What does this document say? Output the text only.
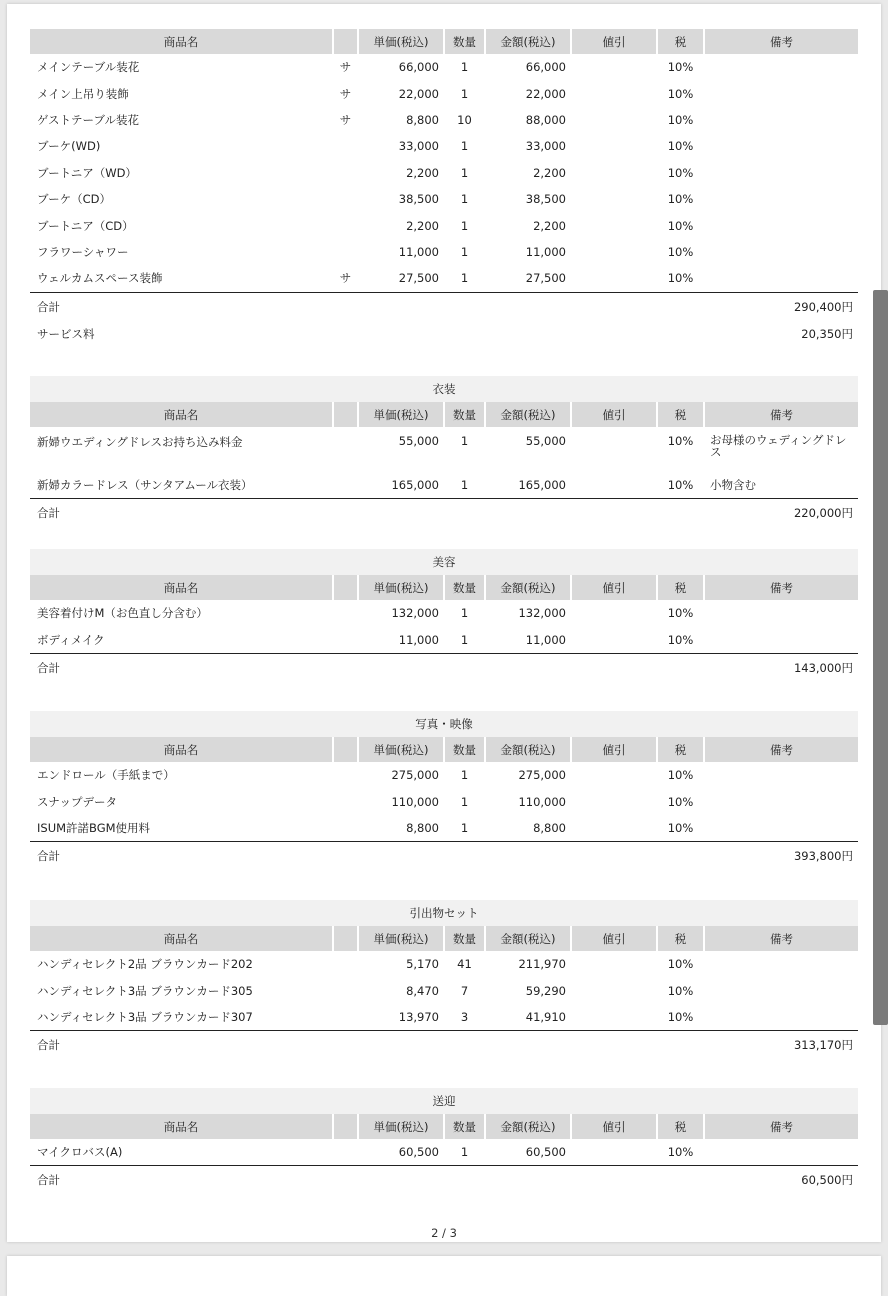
商品名		単価(税込)	数量	金額(税込)	値引	税	備考
メインテーブル装花	サ	66,000	1	66,000		10%	
メイン上吊り装飾	サ	22,000	1	22,000		10%	
ゲストテーブル装花	サ	8,800	10	88,000		10%	
ブーケ(WD)		33,000	1	33,000		10%	
ブートニア（WD）		2,200	1	2,200		10%	
ブーケ（CD）		38,500	1	38,500		10%	
ブートニア（CD）		2,200	1	2,200		10%	
フラワーシャワー		11,000	1	11,000		10%	
ウェルカムスペース装飾	サ	27,500	1	27,500		10%	
合計	290,400円
サービス料	20,350円
衣装
商品名		単価(税込)	数量	金額(税込)	値引	税	備考
新婦ウエディングドレスお持ち込み料金		55,000	1	55,000		10%	お母様のウェディングドレス
新婦カラードレス（サンタアムール衣装）		165,000	1	165,000		10%	小物含む
合計	220,000円
美容
商品名		単価(税込)	数量	金額(税込)	値引	税	備考
美容着付けM（お色直し分含む）		132,000	1	132,000		10%	
ボディメイク		11,000	1	11,000		10%	
合計	143,000円
写真・映像
商品名		単価(税込)	数量	金額(税込)	値引	税	備考
エンドロール（手紙まで）		275,000	1	275,000		10%	
スナップデータ		110,000	1	110,000		10%	
ISUM許諾BGM使用料		8,800	1	8,800		10%	
合計	393,800円
引出物セット
商品名		単価(税込)	数量	金額(税込)	値引	税	備考
ハンディセレクト2品 ブラウンカード202		5,170	41	211,970		10%	
ハンディセレクト3品 ブラウンカード305		8,470	7	59,290		10%	
ハンディセレクト3品 ブラウンカード307		13,970	3	41,910		10%	
合計	313,170円
送迎
商品名		単価(税込)	数量	金額(税込)	値引	税	備考
マイクロバス(A)		60,500	1	60,500		10%	
合計	60,500円
2 / 3
